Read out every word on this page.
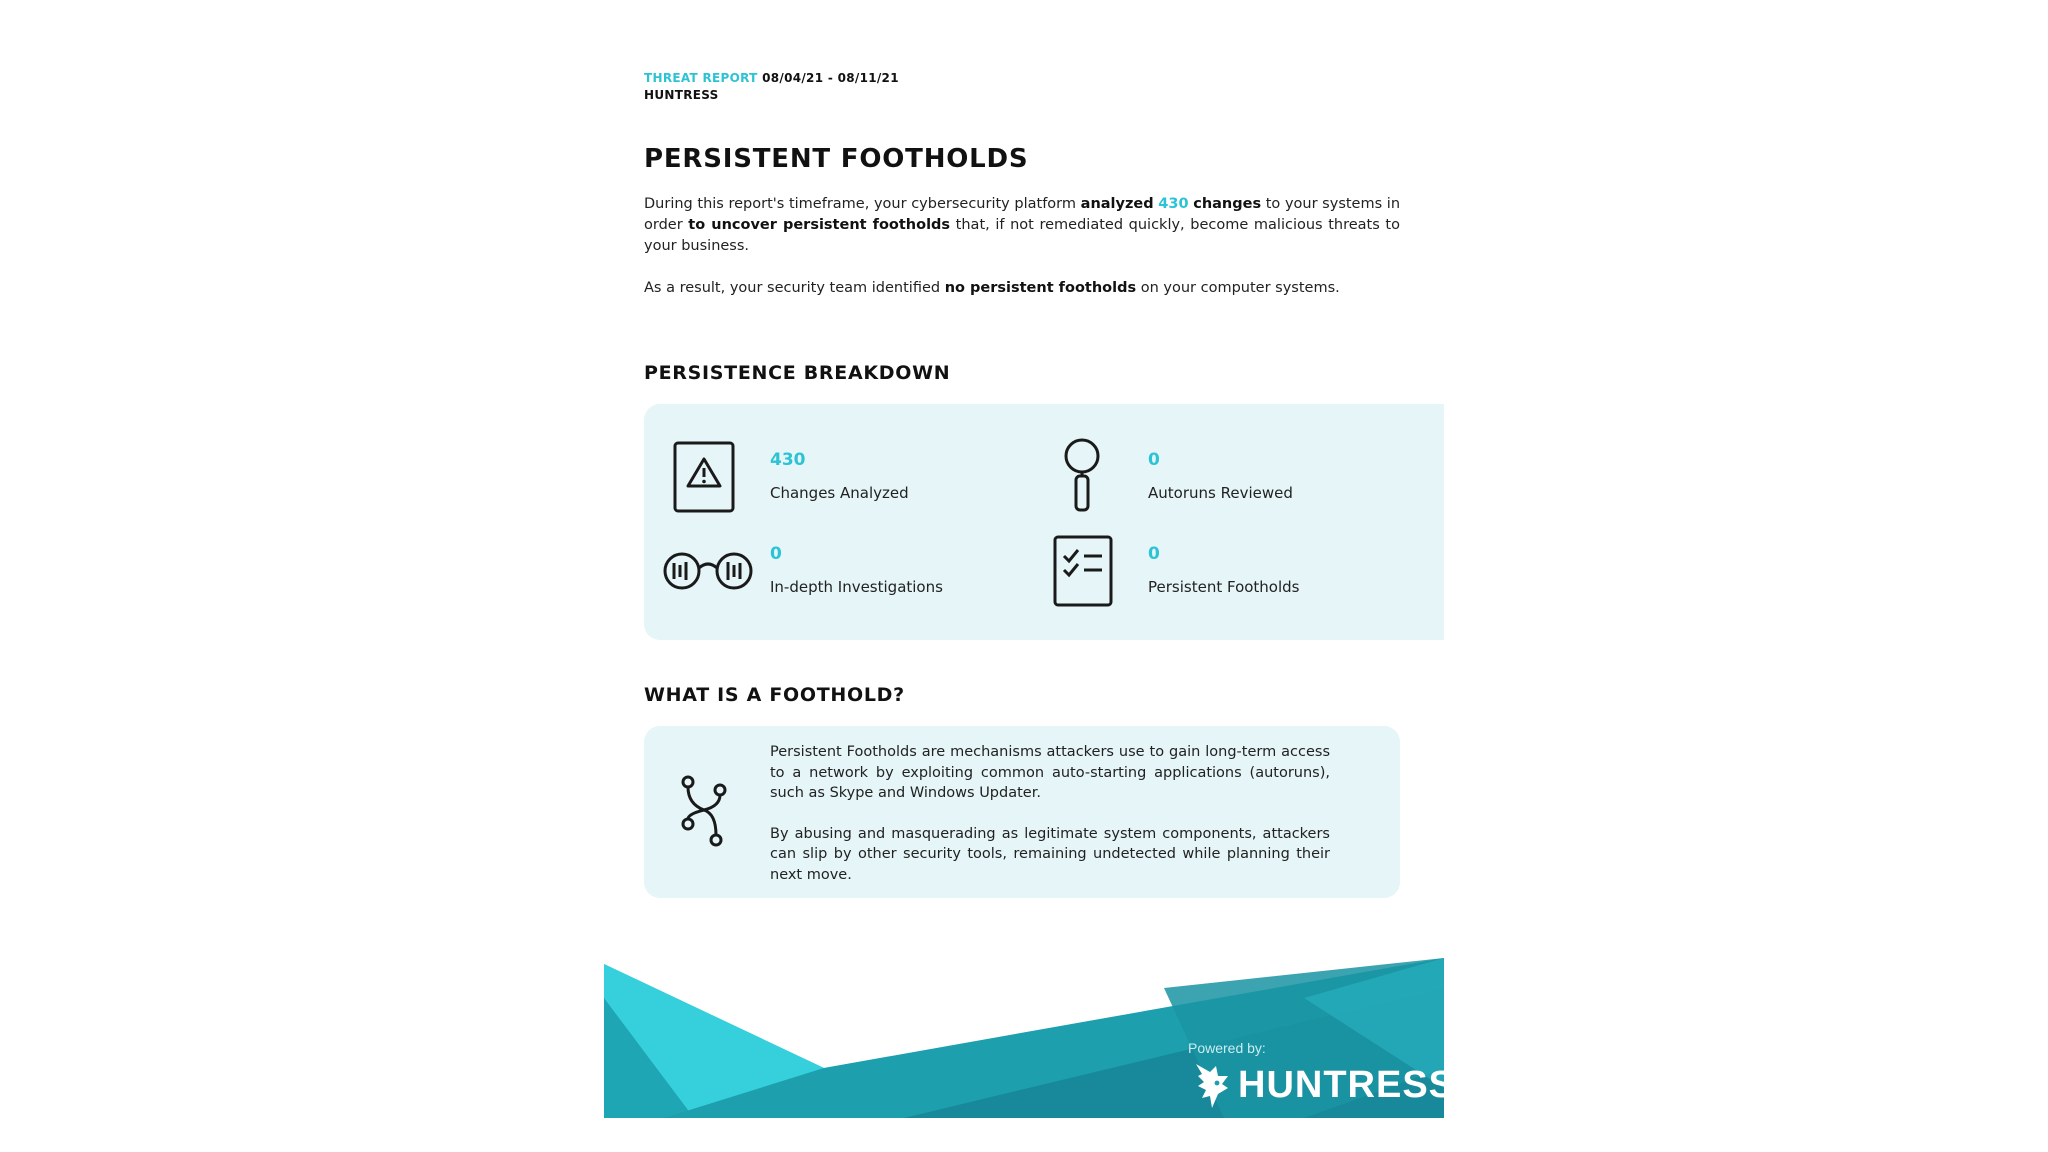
THREAT REPORT 08/04/21 - 08/11/21
HUNTRESS
PERSISTENT FOOTHOLDS

During this report's timeframe, your cybersecurity platform analyzed 430 changes to your systems in order to uncover persistent footholds that, if not remediated quickly, become malicious threats to your business.

As a result, your security team identified no persistent footholds on your computer systems.

PERSISTENCE BREAKDOWN
430
Changes Analyzed
0
Autoruns Reviewed
0
In-depth Investigations
0
Persistent Footholds
WHAT IS A FOOTHOLD?

Persistent Footholds are mechanisms attackers use to gain long-term access to a network by exploiting common auto-starting applications (autoruns), such as Skype and Windows Updater.

By abusing and masquerading as legitimate system components, attackers can slip by other security tools, remaining undetected while planning their next move.

Powered by:
HUNTRESS
